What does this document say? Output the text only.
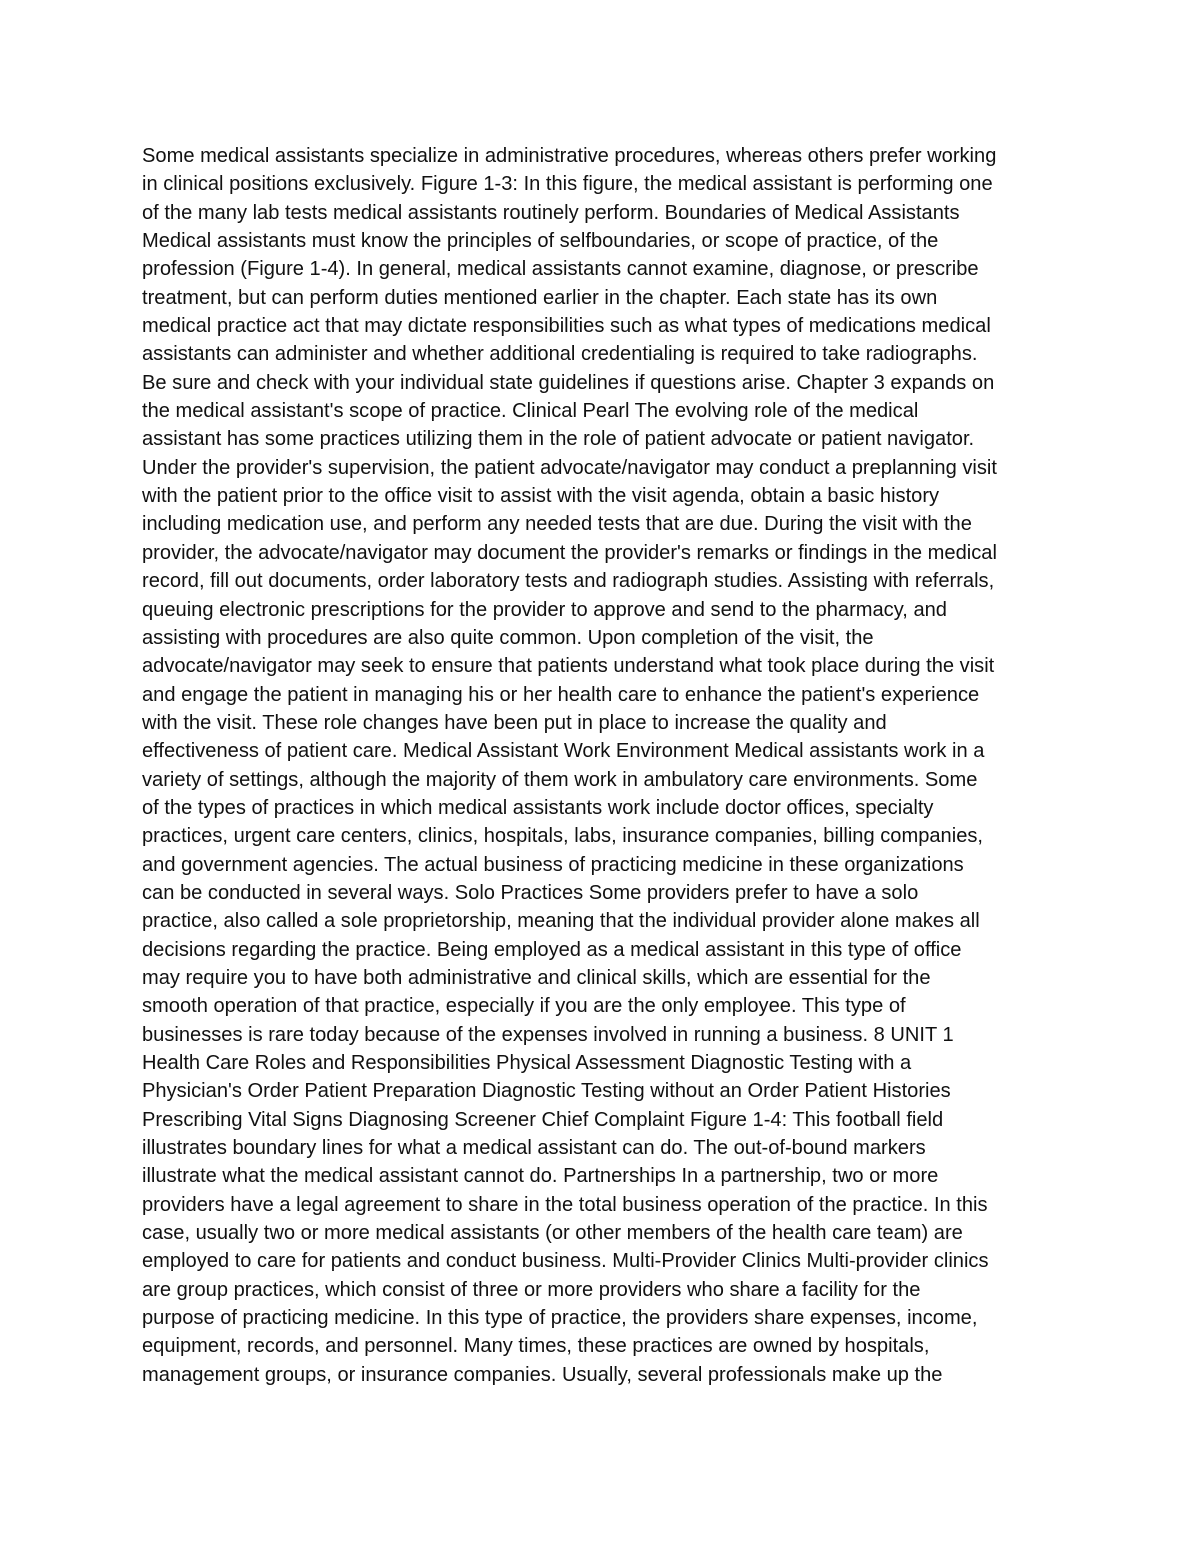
Some medical assistants specialize in administrative procedures, whereas others prefer working
in clinical positions exclusively. Figure 1-3: In this figure, the medical assistant is performing one
of the many lab tests medical assistants routinely perform. Boundaries of Medical Assistants
Medical assistants must know the principles of selfboundaries, or scope of practice, of the
profession (Figure 1-4). In general, medical assistants cannot examine, diagnose, or prescribe
treatment, but can perform duties mentioned earlier in the chapter. Each state has its own
medical practice act that may dictate responsibilities such as what types of medications medical
assistants can administer and whether additional credentialing is required to take radiographs.
Be sure and check with your individual state guidelines if questions arise. Chapter 3 expands on
the medical assistant's scope of practice. Clinical Pearl The evolving role of the medical
assistant has some practices utilizing them in the role of patient advocate or patient navigator.
Under the provider's supervision, the patient advocate/navigator may conduct a preplanning visit
with the patient prior to the office visit to assist with the visit agenda, obtain a basic history
including medication use, and perform any needed tests that are due. During the visit with the
provider, the advocate/navigator may document the provider's remarks or findings in the medical
record, fill out documents, order laboratory tests and radiograph studies. Assisting with referrals,
queuing electronic prescriptions for the provider to approve and send to the pharmacy, and
assisting with procedures are also quite common. Upon completion of the visit, the
advocate/navigator may seek to ensure that patients understand what took place during the visit
and engage the patient in managing his or her health care to enhance the patient's experience
with the visit. These role changes have been put in place to increase the quality and
effectiveness of patient care. Medical Assistant Work Environment Medical assistants work in a
variety of settings, although the majority of them work in ambulatory care environments. Some
of the types of practices in which medical assistants work include doctor offices, specialty
practices, urgent care centers, clinics, hospitals, labs, insurance companies, billing companies,
and government agencies. The actual business of practicing medicine in these organizations
can be conducted in several ways. Solo Practices Some providers prefer to have a solo
practice, also called a sole proprietorship, meaning that the individual provider alone makes all
decisions regarding the practice. Being employed as a medical assistant in this type of office
may require you to have both administrative and clinical skills, which are essential for the
smooth operation of that practice, especially if you are the only employee. This type of
businesses is rare today because of the expenses involved in running a business. 8 UNIT 1
Health Care Roles and Responsibilities Physical Assessment Diagnostic Testing with a
Physician's Order Patient Preparation Diagnostic Testing without an Order Patient Histories
Prescribing Vital Signs Diagnosing Screener Chief Complaint Figure 1-4: This football field
illustrates boundary lines for what a medical assistant can do. The out-of-bound markers
illustrate what the medical assistant cannot do. Partnerships In a partnership, two or more
providers have a legal agreement to share in the total business operation of the practice. In this
case, usually two or more medical assistants (or other members of the health care team) are
employed to care for patients and conduct business. Multi-Provider Clinics Multi-provider clinics
are group practices, which consist of three or more providers who share a facility for the
purpose of practicing medicine. In this type of practice, the providers share expenses, income,
equipment, records, and personnel. Many times, these practices are owned by hospitals,
management groups, or insurance companies. Usually, several professionals make up the
